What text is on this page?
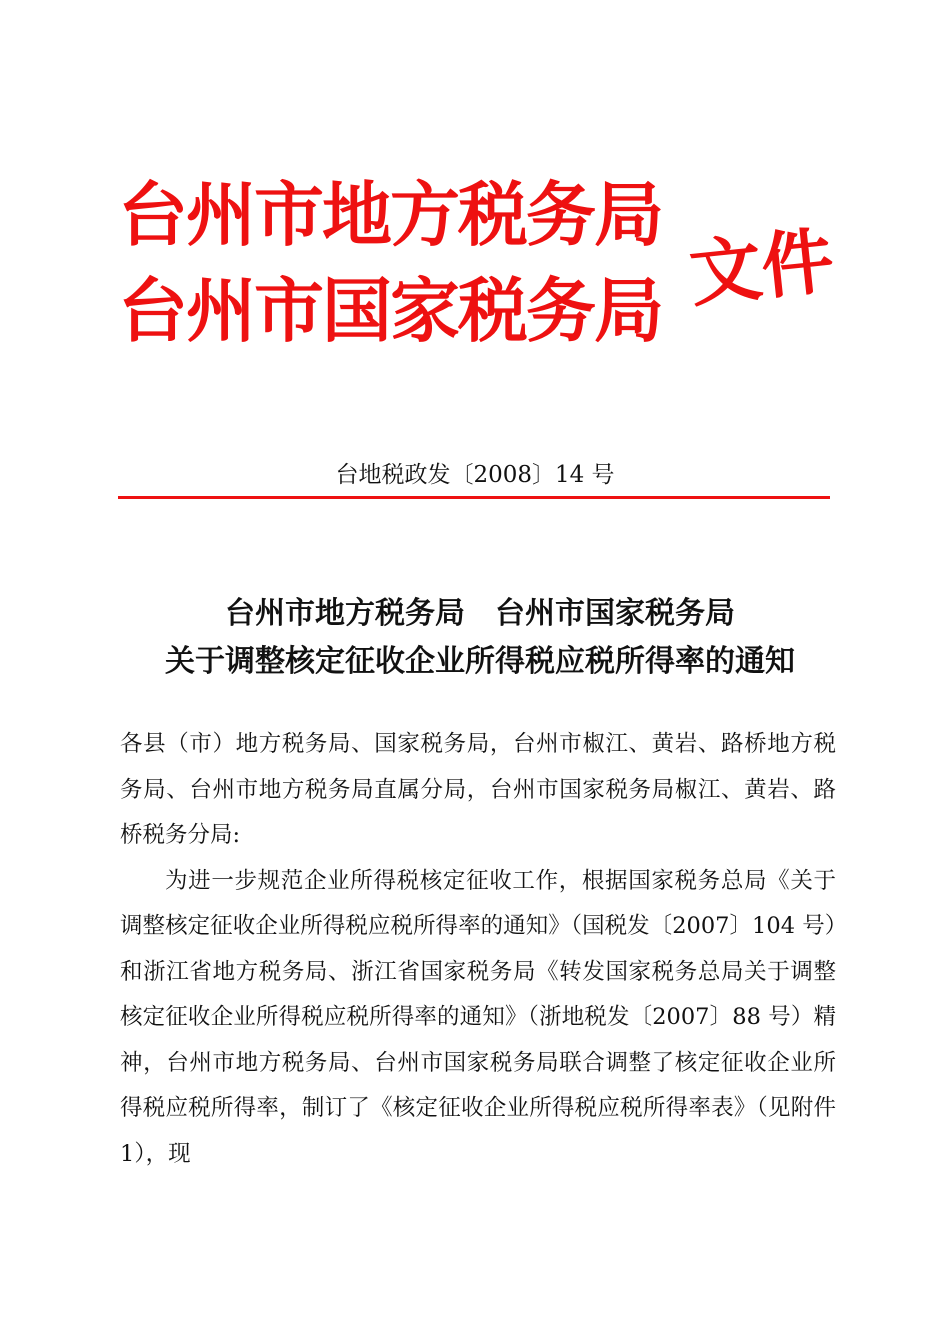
台州市地方税务局
台州市国家税务局 文件
台地税政发〔2008〕14 号
台州市地方税务局　台州市国家税务局
关于调整核定征收企业所得税应税所得率的通知

各县（市）地方税务局、国家税务局，台州市椒江、黄岩、路桥地方税务局、台州市地方税务局直属分局，台州市国家税务局椒江、黄岩、路桥税务分局:

为进一步规范企业所得税核定征收工作，根据国家税务总局《关于调整核定征收企业所得税应税所得率的通知》（国税发〔2007〕104 号）和浙江省地方税务局、浙江省国家税务局《转发国家税务总局关于调整核定征收企业所得税应税所得率的通知》（浙地税发〔2007〕88 号）精神，台州市地方税务局、台州市国家税务局联合调整了核定征收企业所得税应税所得率，制订了《核定征收企业所得税应税所得率表》（见附件 1），现
